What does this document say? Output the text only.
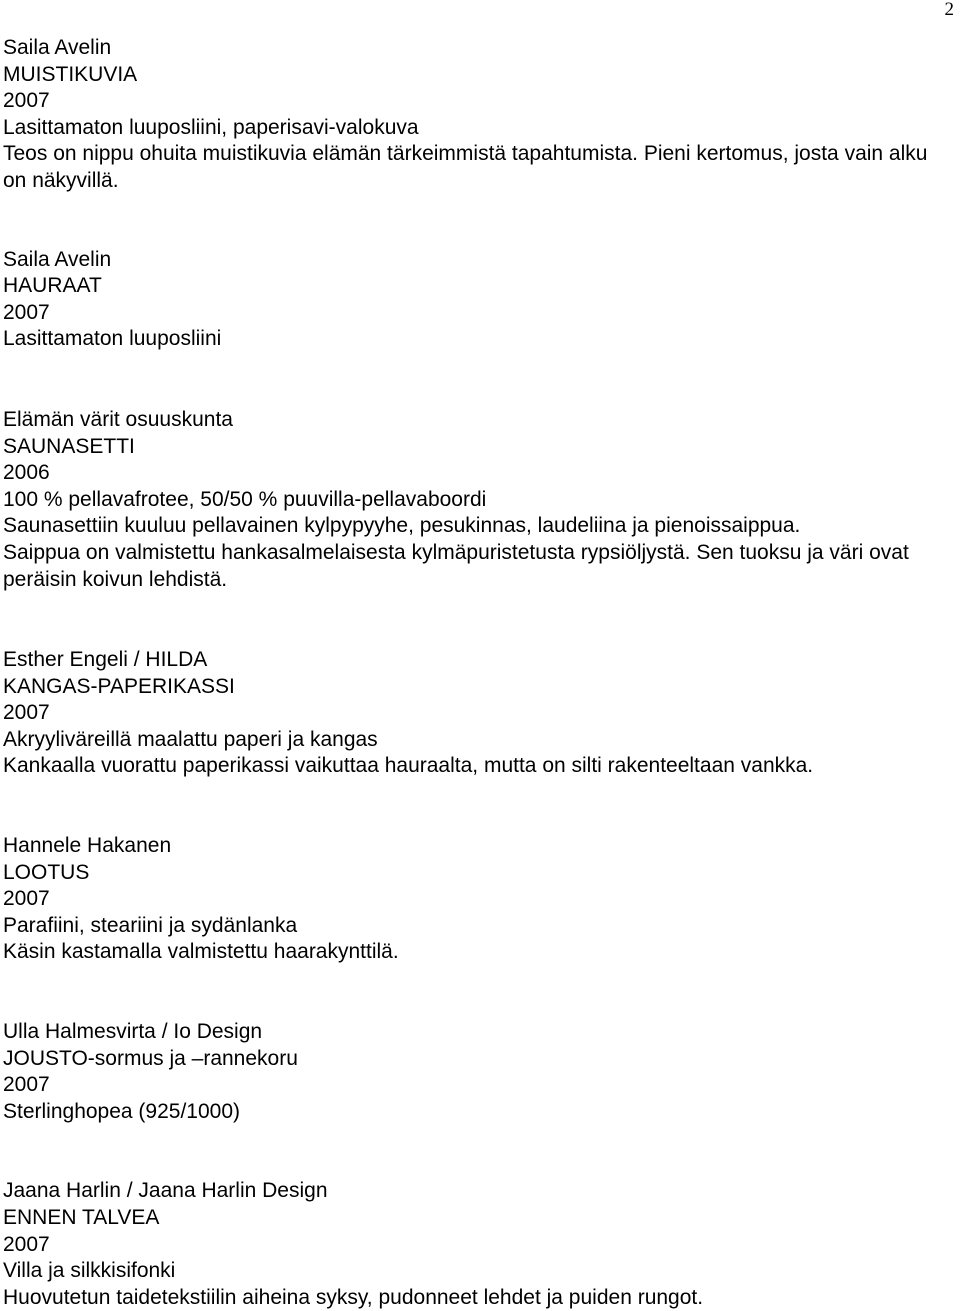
2
Saila Avelin
MUISTIKUVIA
2007
Lasittamaton luuposliini, paperisavi-valokuva
Teos on nippu ohuita muistikuvia elämän tärkeimmistä tapahtumista. Pieni kertomus, josta vain alku on näkyvillä.
Saila Avelin
HAURAAT
2007
Lasittamaton luuposliini
Elämän värit osuuskunta
SAUNASETTI
2006
100 % pellavafrotee, 50/50 % puuvilla-pellavaboordi
Saunasettiin kuuluu pellavainen kylpypyyhe, pesukinnas, laudeliina ja pienoissaippua.
Saippua on valmistettu hankasalmelaisesta kylmäpuristetusta rypsiöljystä. Sen tuoksu ja väri ovat peräisin koivun lehdistä.
Esther Engeli / HILDA
KANGAS-PAPERIKASSI
2007
Akryyliväreillä maalattu paperi ja kangas
Kankaalla vuorattu paperikassi vaikuttaa hauraalta, mutta on silti rakenteeltaan vankka.
Hannele Hakanen
LOOTUS
2007
Parafiini, steariini ja sydänlanka
Käsin kastamalla valmistettu haarakynttilä.
Ulla Halmesvirta / Io Design
JOUSTO-sormus ja –rannekoru
2007
Sterlinghopea (925/1000)
Jaana Harlin / Jaana Harlin Design
ENNEN TALVEA
2007
Villa ja silkkisifonki
Huovutetun taidetekstiilin aiheina syksy, pudonneet lehdet ja puiden rungot.
